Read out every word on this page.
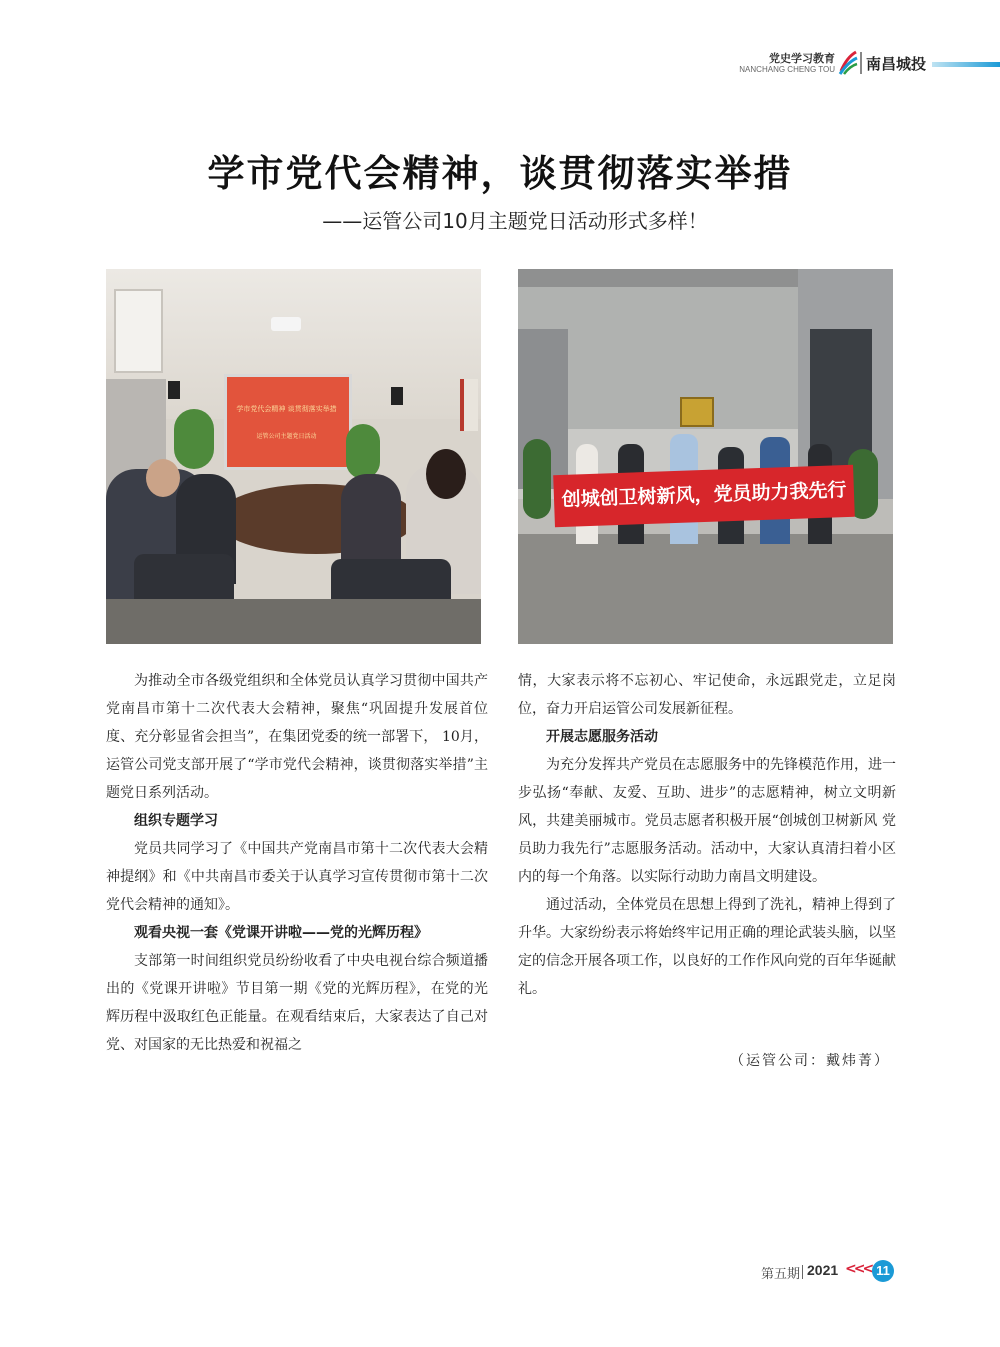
党史学习教育
NANCHANG CHENG TOU 南昌城投
学市党代会精神，谈贯彻落实举措
——运管公司10月主题党日活动形式多样！
学市党代会精神 谈贯彻落实举措
运管公司主题党日活动
创城创卫树新风，党员助力我先行

为推动全市各级党组织和全体党员认真学习贯彻中国共产党南昌市第十二次代表大会精神，聚焦“巩固提升发展首位度、充分彰显省会担当”，在集团党委的统一部署下， 10月，运管公司党支部开展了“学市党代会精神，谈贯彻落实举措”主题党日系列活动。

组织专题学习

党员共同学习了《中国共产党南昌市第十二次代表大会精神提纲》和《中共南昌市委关于认真学习宣传贯彻市第十二次党代会精神的通知》。

观看央视一套《党课开讲啦——党的光辉历程》

支部第一时间组织党员纷纷收看了中央电视台综合频道播出的《党课开讲啦》节目第一期《党的光辉历程》，在党的光辉历程中汲取红色正能量。在观看结束后，大家表达了自己对党、对国家的无比热爱和祝福之

情，大家表示将不忘初心、牢记使命，永远跟党走，立足岗位，奋力开启运管公司发展新征程。

开展志愿服务活动

为充分发挥共产党员在志愿服务中的先锋模范作用，进一步弘扬“奉献、友爱、互助、进步”的志愿精神，树立文明新风，共建美丽城市。党员志愿者积极开展“创城创卫树新风 党员助力我先行”志愿服务活动。活动中，大家认真清扫着小区内的每一个角落。以实际行动助力南昌文明建设。

通过活动，全体党员在思想上得到了洗礼，精神上得到了升华。大家纷纷表示将始终牢记用正确的理论武装头脑，以坚定的信念开展各项工作，以良好的工作作风向党的百年华诞献礼。

（运管公司：戴炜菁）
第五期 2021 <<< 11
